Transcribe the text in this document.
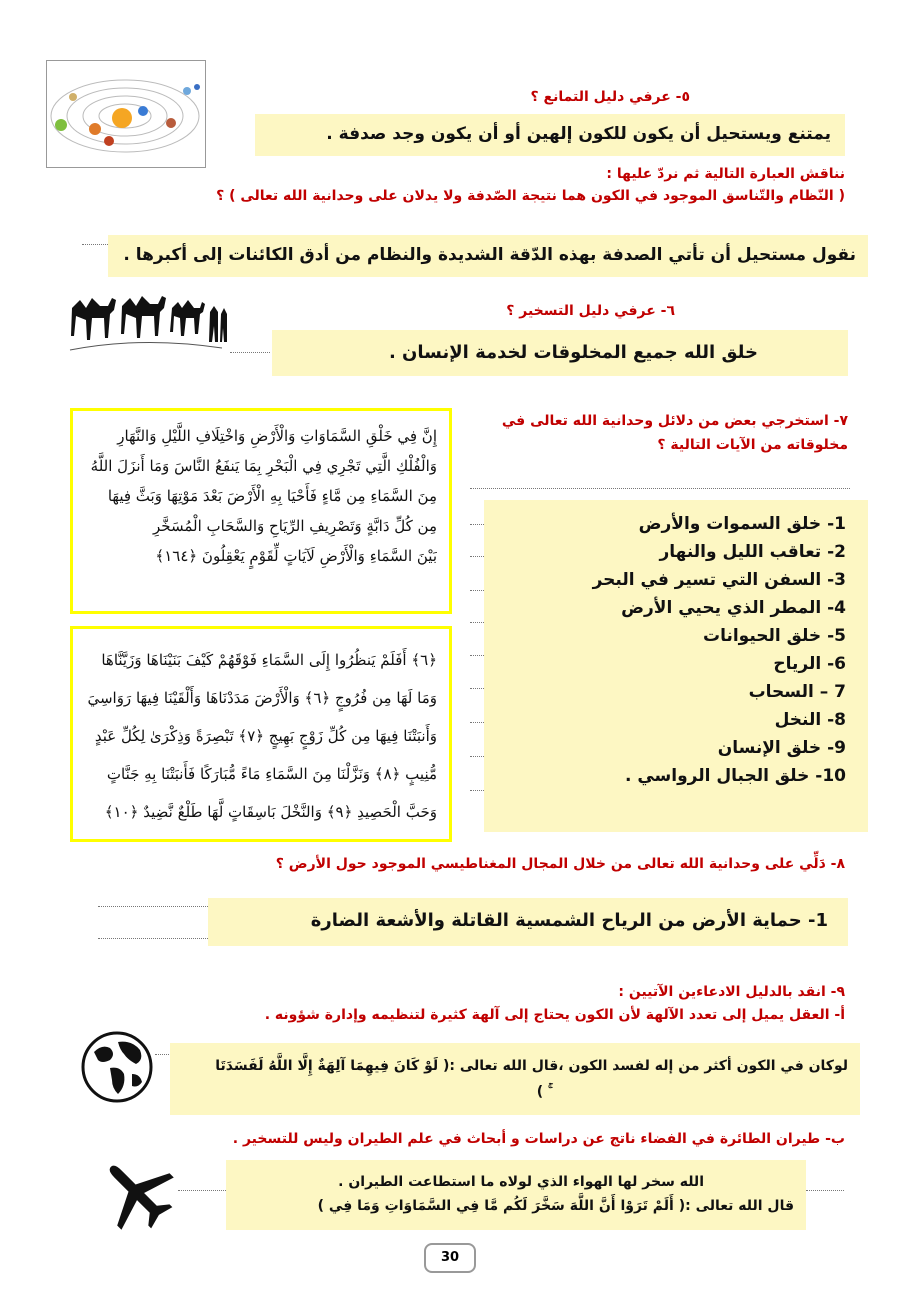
٥- عرفي دليل التمانع ؟
يمتنع ويستحيل أن يكون للكون إلهين أو أن يكون وجد صدفة .
نناقش العبارة التالية ثم نردّ عليها :
( النّظام والتّناسق الموجود في الكون هما نتيجة الصّدفة ولا يدلان على وحدانية الله تعالى ) ؟
نقول مستحيل أن تأتي الصدفة بهذه الدّقة الشديدة والنظام من أدق الكائنات إلى أكبرها .
٦- عرفي دليل التسخير ؟
خلق الله جميع المخلوقات لخدمة الإنسان .
إِنَّ فِي خَلْقِ السَّمَاوَاتِ وَالْأَرْضِ وَاخْتِلَافِ اللَّيْلِ وَالنَّهَارِ
وَالْفُلْكِ الَّتِي تَجْرِي فِي الْبَحْرِ بِمَا يَنفَعُ النَّاسَ وَمَا أَنزَلَ اللَّهُ
مِنَ السَّمَاءِ مِن مَّاءٍ فَأَحْيَا بِهِ الْأَرْضَ بَعْدَ مَوْتِهَا وَبَثَّ فِيهَا
مِن كُلِّ دَابَّةٍ وَتَصْرِيفِ الرِّيَاحِ وَالسَّحَابِ الْمُسَخَّرِ
بَيْنَ السَّمَاءِ وَالْأَرْضِ لَآيَاتٍ لِّقَوْمٍ يَعْقِلُونَ ﴿١٦٤﴾
﴿٦﴾ أَفَلَمْ يَنظُرُوا إِلَى السَّمَاءِ فَوْقَهُمْ كَيْفَ بَنَيْنَاهَا وَزَيَّنَّاهَا
وَمَا لَهَا مِن فُرُوجٍ ﴿٦﴾ وَالْأَرْضَ مَدَدْنَاهَا وَأَلْقَيْنَا فِيهَا رَوَاسِيَ
وَأَنبَتْنَا فِيهَا مِن كُلِّ زَوْجٍ بَهِيجٍ ﴿٧﴾ تَبْصِرَةً وَذِكْرَىٰ لِكُلِّ عَبْدٍ
مُّنِيبٍ ﴿٨﴾ وَنَزَّلْنَا مِنَ السَّمَاءِ مَاءً مُّبَارَكًا فَأَنبَتْنَا بِهِ جَنَّاتٍ
وَحَبَّ الْحَصِيدِ ﴿٩﴾ وَالنَّخْلَ بَاسِقَاتٍ لَّهَا طَلْعٌ نَّضِيدٌ ﴿١٠﴾
٧- استخرجي بعض من دلائل وحدانية الله تعالى في
مخلوقاته من الآيات التالية ؟
1- خلق السموات والأرض
2- تعاقب الليل والنهار
3- السفن التي تسير في البحر
4- المطر الذي يحيي الأرض
5- خلق الحيوانات
6- الرياح
7 – السحاب
8- النخل
9- خلق الإنسان
10- خلق الجبال الرواسي .
٨- دَلِّي على وحدانية الله تعالى من خلال المجال المغناطيسي الموجود حول الأرض ؟
1- حماية الأرض من الرياح الشمسية القاتلة والأشعة الضارة
٩- انقد بالدليل الادعاءين الآتيين :
أ- العقل يميل إلى تعدد الآلهة لأن الكون يحتاج إلى آلهة كثيرة لتنظيمه وإدارة شؤونه .
لوكان في الكون أكثر من إله لفسد الكون ،قال الله تعالى :( لَوْ كَانَ فِيهِمَا آلِهَةٌ إِلَّا اللَّهُ لَفَسَدَتَا
ۚ )
ب- طيران الطائرة في الفضاء ناتج عن دراسات و أبحاث في علم الطيران وليس للتسخير .
الله سخر لها الهواء الذي لولاه ما استطاعت الطيران .
قال الله تعالى :( أَلَمْ تَرَوْا أَنَّ اللَّهَ سَخَّرَ لَكُم مَّا فِي السَّمَاوَاتِ وَمَا فِي )
30
